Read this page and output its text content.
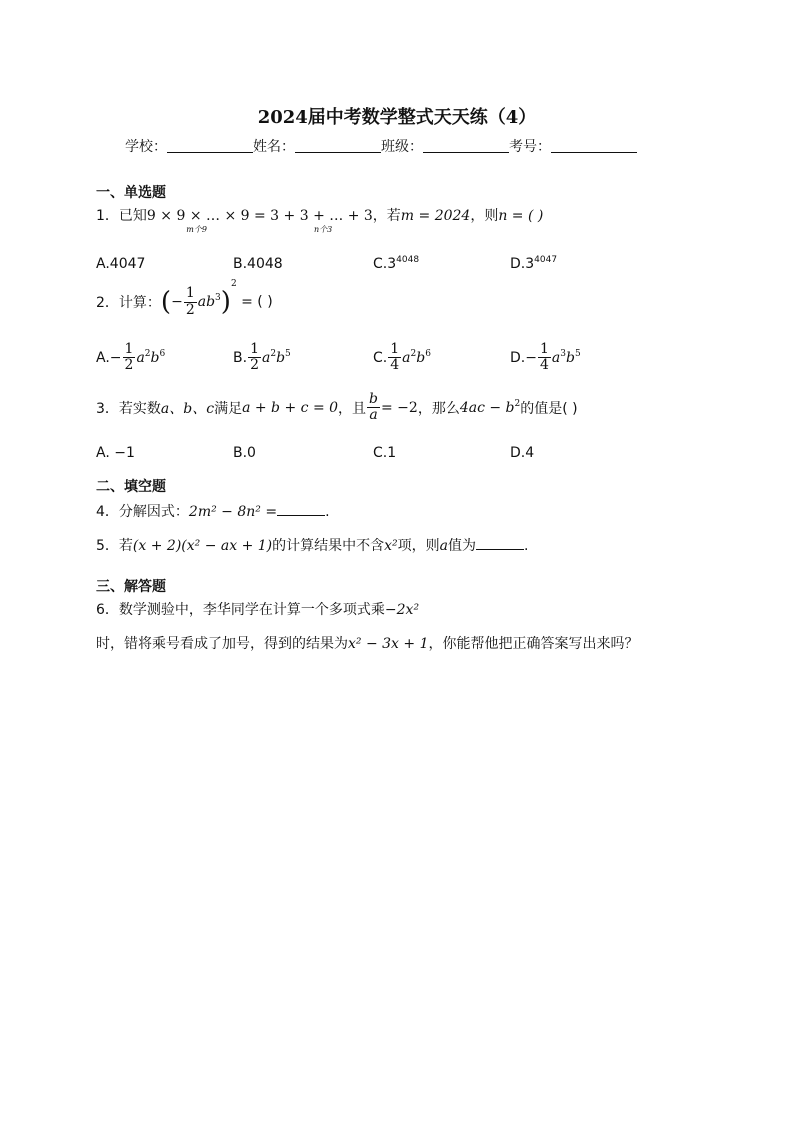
2024届中考数学整式天天练（4）
学校：	姓名：	班级：	考号：
一、单选题
1．已知9 × 9 × … × 9 = 3 + 3 + … + 3
m个9	n个3
，若m = 2024，则n = ( )
A.4047	B.4048	$C.3^{4048}$	$D.3^{4047}$
2．计算：(− $\frac{1}{2} ab^3)^2$ = ( )
$A.- \frac{1}{2} a^2b^6$	B. $\frac{1}{2} a^2b^5$	C. $\frac{1}{4} a^2b^6$	$D.- \frac{1}{4} a^3b^5$
3．若实数a、b、c满足a + b + c = 0，且 $\frac{b}{a} = -2$，那么$4ac - b^2$的值是( )
A. −1	B.0	C.1	D.4
二、填空题
4．分解因式：2m² − 8n² =	.
5．若(x + 2)(x² − ax + 1)的计算结果中不含x²项，则a值为	.
三、解答题
6．数学测验中，李华同学在计算一个多项式乘−2x²
时，错将乘号看成了加号，得到的结果为x² − 3x + 1，你能帮他把正确答案写出来吗？
